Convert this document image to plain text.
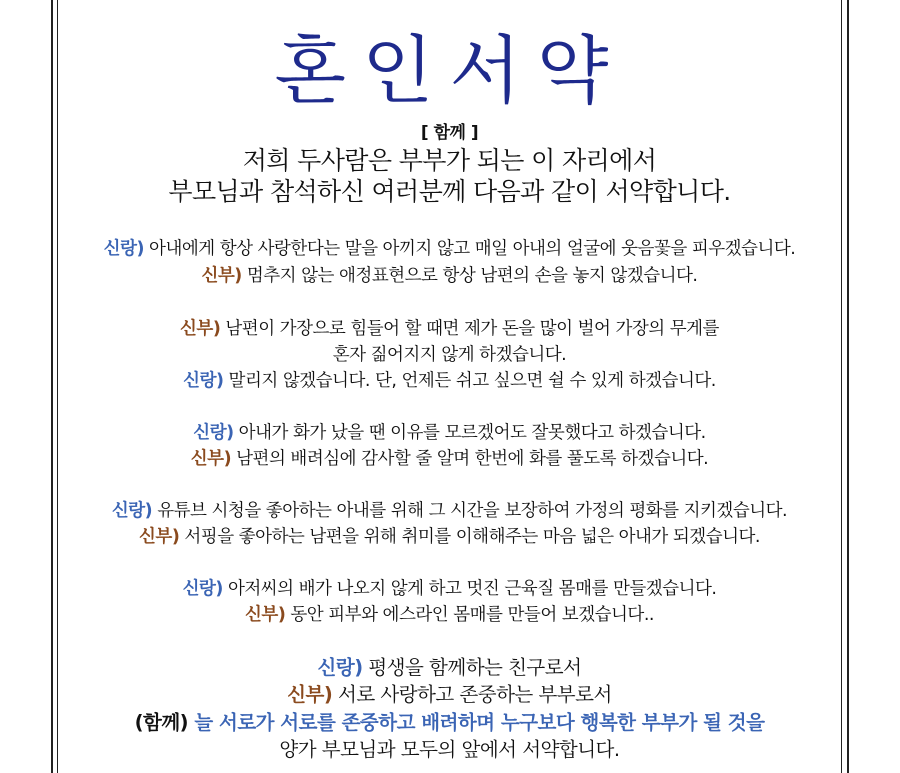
혼인서약
[ 함께 ]
저희 두사람은 부부가 되는 이 자리에서
부모님과 참석하신 여러분께 다음과 같이 서약합니다.
신랑) 아내에게 항상 사랑한다는 말을 아끼지 않고 매일 아내의 얼굴에 웃음꽃을 피우겠습니다.
신부) 멈추지 않는 애정표현으로 항상 남편의 손을 놓지 않겠습니다.
신부) 남편이 가장으로 힘들어 할 때면 제가 돈을 많이 벌어 가장의 무게를
혼자 짊어지지 않게 하겠습니다.
신랑) 말리지 않겠습니다. 단, 언제든 쉬고 싶으면 쉴 수 있게 하겠습니다.
신랑) 아내가 화가 났을 땐 이유를 모르겠어도 잘못했다고 하겠습니다.
신부) 남편의 배려심에 감사할 줄 알며 한번에 화를 풀도록 하겠습니다.
신랑) 유튜브 시청을 좋아하는 아내를 위해 그 시간을 보장하여 가정의 평화를 지키겠습니다.
신부) 서핑을 좋아하는 남편을 위해 취미를 이해해주는 마음 넓은 아내가 되겠습니다.
신랑) 아저씨의 배가 나오지 않게 하고 멋진 근육질 몸매를 만들겠습니다.
신부) 동안 피부와 에스라인 몸매를 만들어 보겠습니다..
신랑) 평생을 함께하는 친구로서
신부) 서로 사랑하고 존중하는 부부로서
(함께) 늘 서로가 서로를 존중하고 배려하며 누구보다 행복한 부부가 될 것을
양가 부모님과 모두의 앞에서 서약합니다.
